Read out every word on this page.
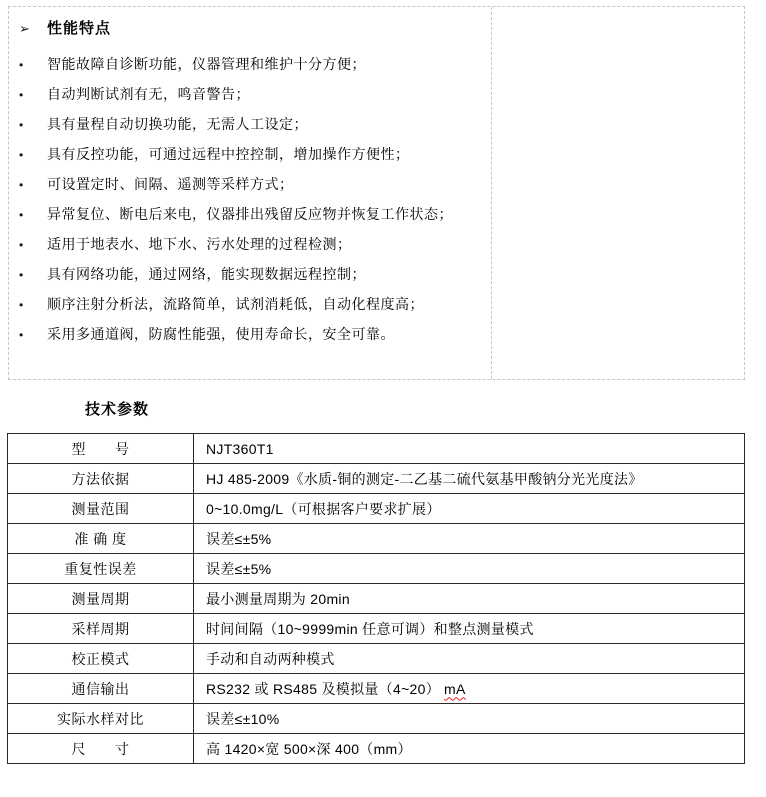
➢	性能特点
•	智能故障自诊断功能，仪器管理和维护十分方便；
•	自动判断试剂有无，鸣音警告；
•	具有量程自动切换功能，无需人工设定；
•	具有反控功能，可通过远程中控控制，增加操作方便性；
•	可设置定时、间隔、遥测等采样方式；
•	异常复位、断电后来电，仪器排出残留反应物并恢复工作状态；
•	适用于地表水、地下水、污水处理的过程检测；
•	具有网络功能，通过网络，能实现数据远程控制；
•	顺序注射分析法，流路简单，试剂消耗低，自动化程度高；
•	采用多通道阀，防腐性能强，使用寿命长，安全可靠。
技术参数
型　　号	NJT360T1
方法依据	HJ 485-2009《水质-铜的测定-二乙基二硫代氨基甲酸钠分光光度法》
测量范围	0~10.0mg/L（可根据客户要求扩展）
准 确 度	误差≤±5%
重复性误差	误差≤±5%
测量周期	最小测量周期为 20min
采样周期	时间间隔（10~9999min 任意可调）和整点测量模式
校正模式	手动和自动两种模式
通信输出	RS232 或 RS485 及模拟量（4~20） mA
实际水样对比	误差≤±10%
尺　　寸	高 1420×宽 500×深 400（mm）
